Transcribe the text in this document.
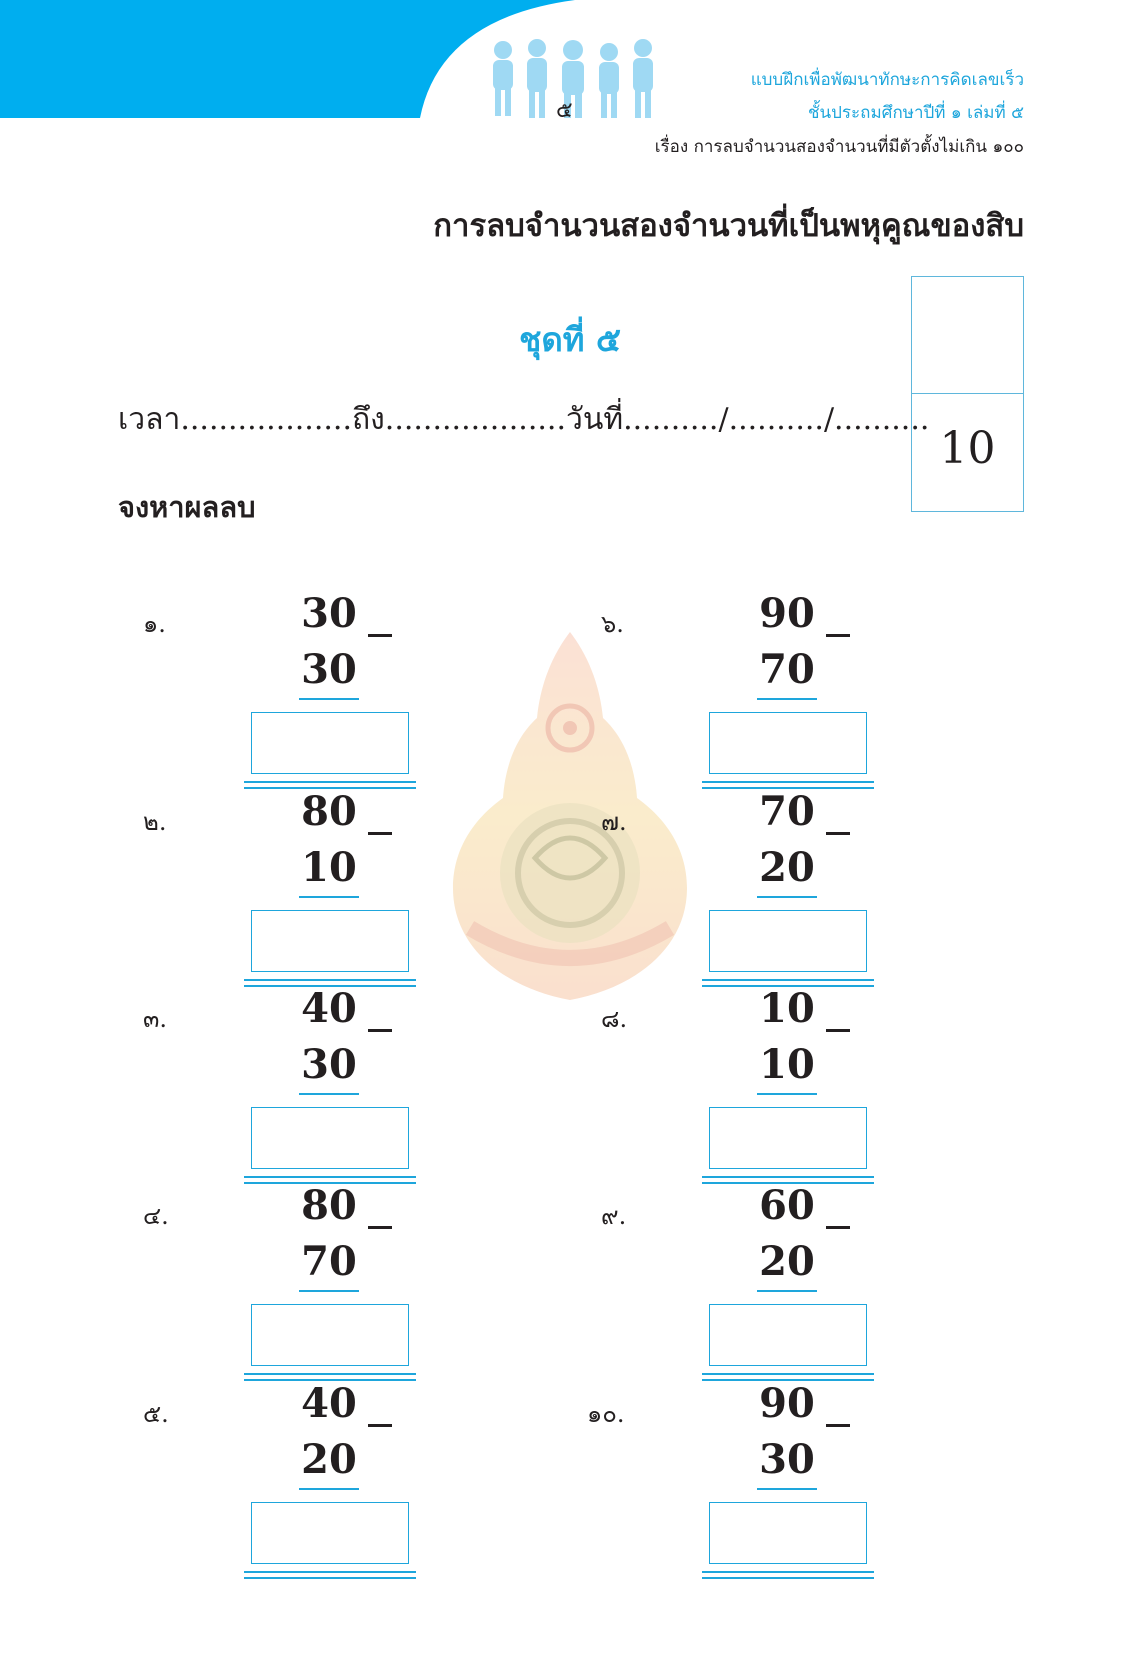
๕
แบบฝึกเพื่อพัฒนาทักษะการคิดเลขเร็ว
ชั้นประถมศึกษาปีที่ ๑ เล่มที่ ๕
เรื่อง การลบจำนวนสองจำนวนที่มีตัวตั้งไม่เกิน ๑๐๐
การลบจำนวนสองจำนวนที่เป็นพหุคูณของสิบ
ชุดที่ ๕
เวลา..................ถึง...................วันที่........../........../..........
จงหาผลลบ
10
๑.	30
30
๒.	80
10
๓.	40
30
๔.	80
70
๕.	40
20
๖.	90
70
๗.	70
20
๘.	10
10
๙.	60
20
๑๐.	90
30
